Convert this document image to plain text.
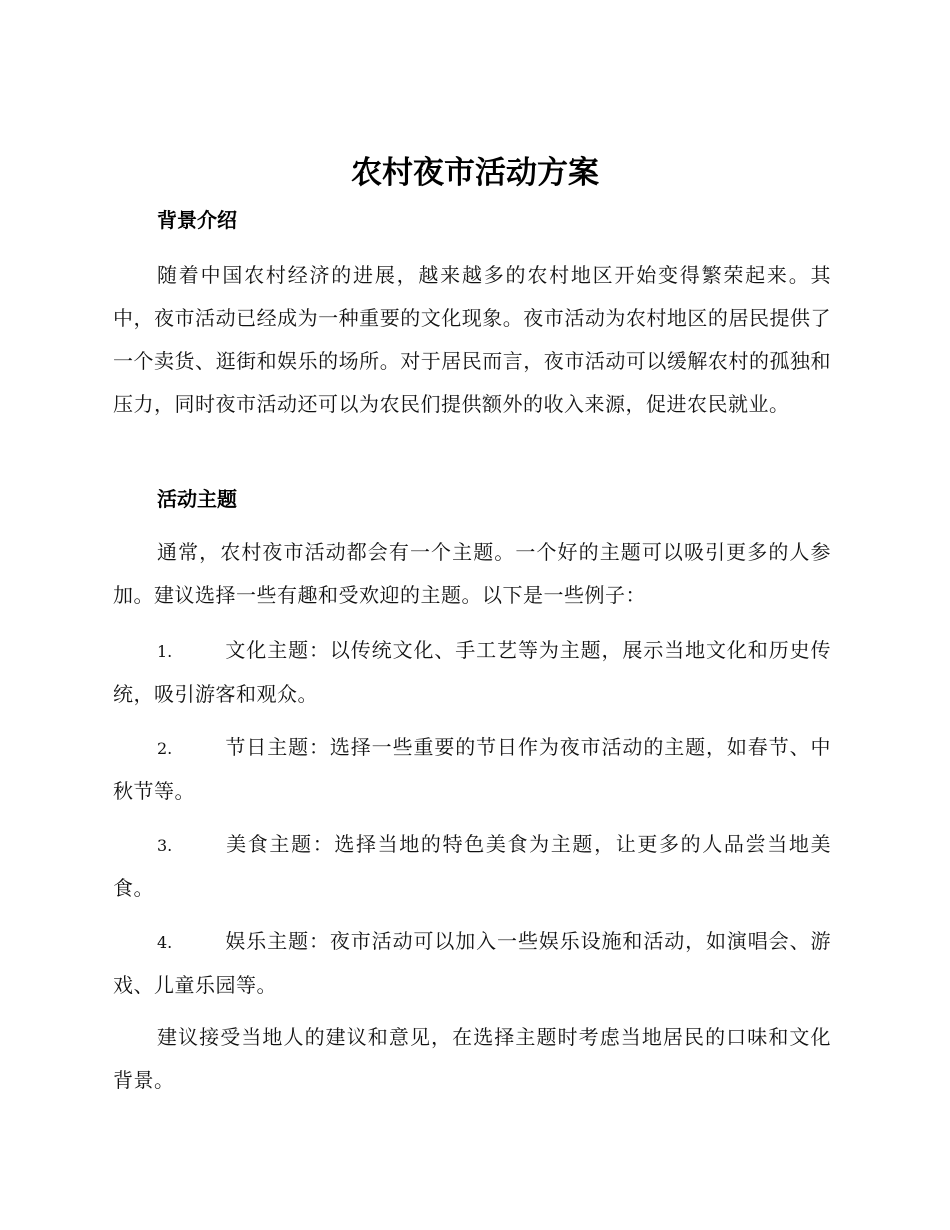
农村夜市活动方案
背景介绍

随着中国农村经济的进展，越来越多的农村地区开始变得繁荣起来。其中，夜市活动已经成为一种重要的文化现象。夜市活动为农村地区的居民提供了一个卖货、逛街和娱乐的场所。对于居民而言，夜市活动可以缓解农村的孤独和压力，同时夜市活动还可以为农民们提供额外的收入来源，促进农民就业。

活动主题

通常，农村夜市活动都会有一个主题。一个好的主题可以吸引更多的人参加。建议选择一些有趣和受欢迎的主题。以下是一些例子：

1.	文化主题：以传统文化、手工艺等为主题，展示当地文化和历史传统，吸引游客和观众。

2.	节日主题：选择一些重要的节日作为夜市活动的主题，如春节、中秋节等。

3.	美食主题：选择当地的特色美食为主题，让更多的人品尝当地美食。

4.	娱乐主题：夜市活动可以加入一些娱乐设施和活动，如演唱会、游戏、儿童乐园等。

建议接受当地人的建议和意见，在选择主题时考虑当地居民的口味和文化背景。
